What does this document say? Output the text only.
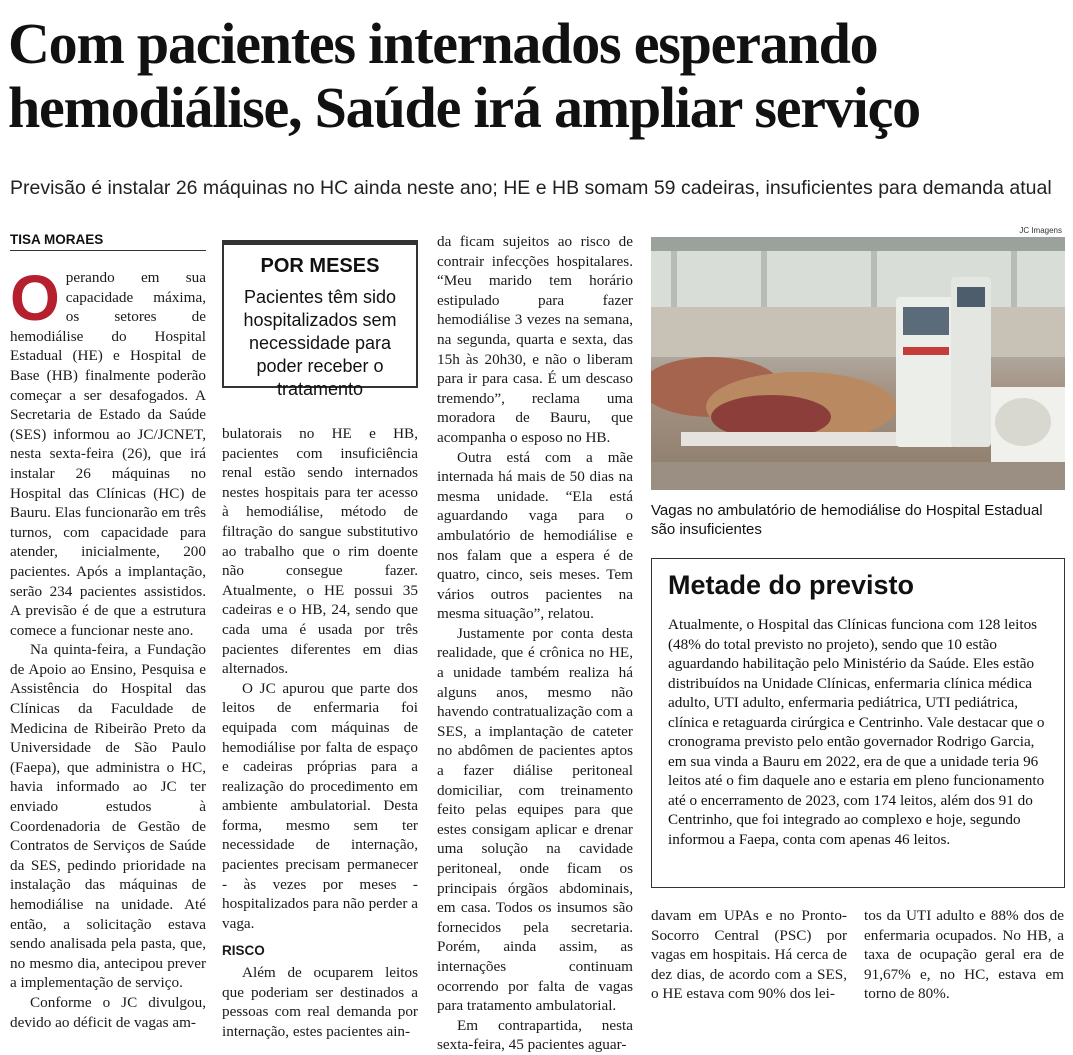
Com pacientes internados esperando hemodiálise, Saúde irá ampliar serviço
Previsão é instalar 26 máquinas no HC ainda neste ano; HE e HB somam 59 cadeiras, insuficientes para demanda atual
TISA MORAES

Operando em sua capacidade máxima, os setores de hemodiálise do Hospital Estadual (HE) e Hospital de Base (HB) finalmente poderão começar a ser desafogados. A Secretaria de Estado da Saúde (SES) informou ao JC/JCNET, nesta sexta-feira (26), que irá instalar 26 máquinas no Hospital das Clínicas (HC) de Bauru. Elas funcionarão em três turnos, com capacidade para atender, inicialmente, 200 pacientes. Após a implantação, serão 234 pacientes assistidos. A previsão é de que a estrutura comece a funcionar neste ano.

Na quinta-feira, a Fundação de Apoio ao Ensino, Pesquisa e Assistência do Hospital das Clínicas da Faculdade de Medicina de Ribeirão Preto da Universidade de São Paulo (Faepa), que administra o HC, havia informado ao JC ter enviado estudos à Coordenadoria de Gestão de Contratos de Serviços de Saúde da SES, pedindo prioridade na instalação das máquinas de hemodiálise na unidade. Até então, a solicitação estava sendo analisada pela pasta, que, no mesmo dia, antecipou prever a implementação de serviço.

Conforme o JC divulgou, devido ao déficit de vagas am-

POR MESES
Pacientes têm sido hospitalizados sem necessidade para poder receber o tratamento

bulatorais no HE e HB, pacientes com insuficiência renal estão sendo internados nestes hospitais para ter acesso à hemodiálise, método de filtração do sangue substitutivo ao trabalho que o rim doente não consegue fazer. Atualmente, o HE possui 35 cadeiras e o HB, 24, sendo que cada uma é usada por três pacientes diferentes em dias alternados.

O JC apurou que parte dos leitos de enfermaria foi equipada com máquinas de hemodiálise por falta de espaço e cadeiras próprias para a realização do procedimento em ambiente ambulatorial. Desta forma, mesmo sem ter necessidade de internação, pacientes precisam permanecer - às vezes por meses - hospitalizados para não perder a vaga.

RISCO

Além de ocuparem leitos que poderiam ser destinados a pessoas com real demanda por internação, estes pacientes ain-

da ficam sujeitos ao risco de contrair infecções hospitalares. “Meu marido tem horário estipulado para fazer hemodiálise 3 vezes na semana, na segunda, quarta e sexta, das 15h às 20h30, e não o liberam para ir para casa. É um descaso tremendo”, reclama uma moradora de Bauru, que acompanha o esposo no HB.

Outra está com a mãe internada há mais de 50 dias na mesma unidade. “Ela está aguardando vaga para o ambulatório de hemodiálise e nos falam que a espera é de quatro, cinco, seis meses. Tem vários outros pacientes na mesma situação”, relatou.

Justamente por conta desta realidade, que é crônica no HE, a unidade também realiza há alguns anos, mesmo não havendo contratualização com a SES, a implantação de cateter no abdômen de pacientes aptos a fazer diálise peritoneal domiciliar, com treinamento feito pelas equipes para que estes consigam aplicar e drenar uma solução na cavidade peritoneal, onde ficam os principais órgãos abdominais, em casa. Todos os insumos são fornecidos pela secretaria. Porém, ainda assim, as internações continuam ocorrendo por falta de vagas para tratamento ambulatorial.

Em contrapartida, nesta sexta-feira, 45 pacientes aguar-

JC Imagens
Vagas no ambulatório de hemodiálise do Hospital Estadual são insuficientes
Metade do previsto
Atualmente, o Hospital das Clínicas funciona com 128 leitos (48% do total previsto no projeto), sendo que 10 estão aguardando habilitação pelo Ministério da Saúde. Eles estão distribuídos na Unidade Clínicas, enfermaria clínica médica adulto, UTI adulto, enfermaria pediátrica, UTI pediátrica, clínica e retaguarda cirúrgica e Centrinho. Vale destacar que o cronograma previsto pelo então governador Rodrigo Garcia, em sua vinda a Bauru em 2022, era de que a unidade teria 96 leitos até o fim daquele ano e estaria em pleno funcionamento até o encerramento de 2023, com 174 leitos, além dos 91 do Centrinho, que foi integrado ao complexo e hoje, segundo informou a Faepa, conta com apenas 46 leitos.

davam em UPAs e no Pronto-Socorro Central (PSC) por vagas em hospitais. Há cerca de dez dias, de acordo com a SES, o HE estava com 90% dos lei-

tos da UTI adulto e 88% dos de enfermaria ocupados. No HB, a taxa de ocupação geral era de 91,67% e, no HC, estava em torno de 80%.
